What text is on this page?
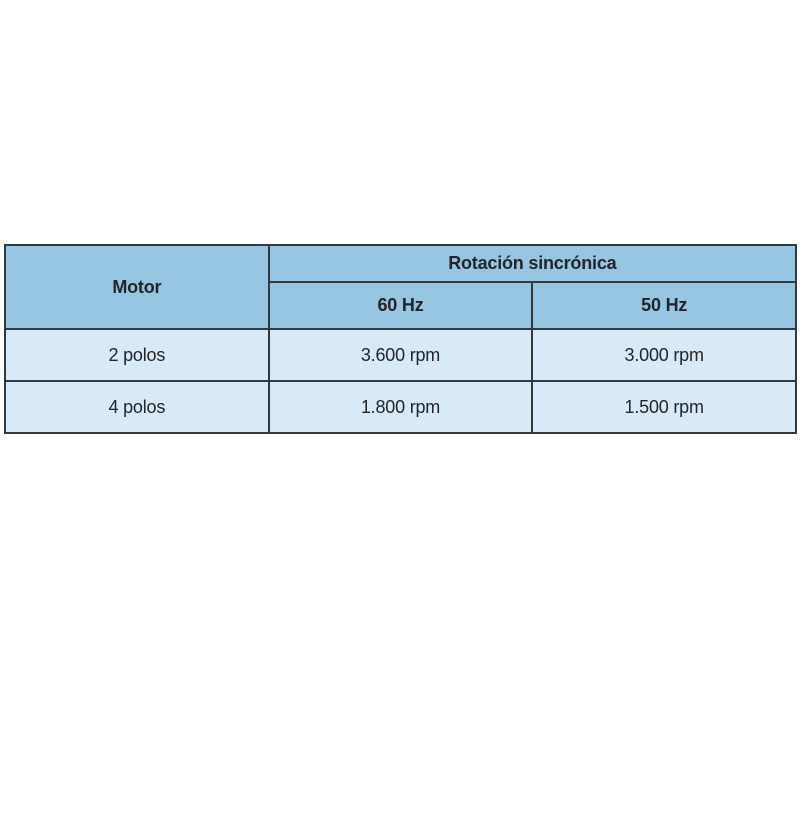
Motor	Rotación sincrónica	
	60 Hz	50 Hz
2 polos	3.600 rpm	3.000 rpm
4 polos	1.800 rpm	1.500 rpm
